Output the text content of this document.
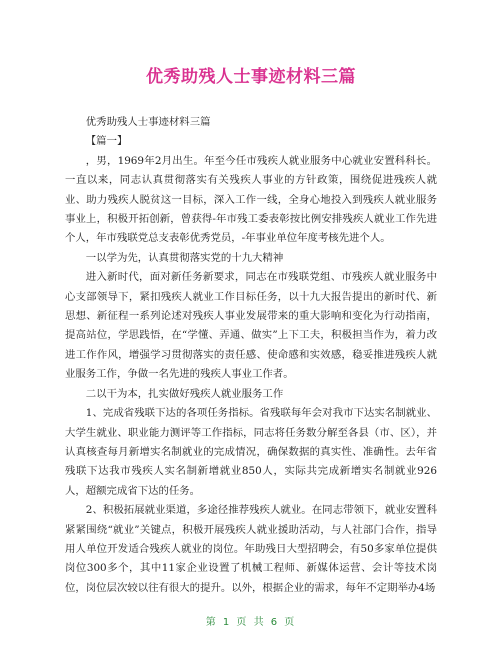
优秀助残人士事迹材料三篇

优秀助残人士事迹材料三篇

【篇一】

，男，1969年2月出生。年至今任市残疾人就业服务中心就业安置科科长。一直以来，同志认真贯彻落实有关残疾人事业的方针政策，围绕促进残疾人就业、助力残疾人脱贫这一目标，深入工作一线，全身心地投入到残疾人就业服务事业上，积极开拓创新，曾获得-年市残工委表彰按比例安排残疾人就业工作先进个人，年市残联党总支表彰优秀党员，-年事业单位年度考核先进个人。

一以学为先，认真贯彻落实党的十九大精神

进入新时代，面对新任务新要求，同志在市残联党组、市残疾人就业服务中心支部领导下，紧扣残疾人就业工作目标任务，以十九大报告提出的新时代、新思想、新征程一系列论述对残疾人事业发展带来的重大影响和变化为行动指南，提高站位，学思践悟，在“学懂、弄通、做实”上下工夫，积极担当作为，着力改进工作作风，增强学习贯彻落实的责任感、使命感和实效感，稳妥推进残疾人就业服务工作，争做一名先进的残疾人事业工作者。

二以干为本，扎实做好残疾人就业服务工作

1、完成省残联下达的各项任务指标。省残联每年会对我市下达实名制就业、大学生就业、职业能力测评等工作指标，同志将任务数分解至各县（市、区），并认真核查每月新增实名制就业的完成情况，确保数据的真实性、准确性。去年省残联下达我市残疾人实名制新增就业850人，实际共完成新增实名制就业926人，超额完成省下达的任务。

2、积极拓展就业渠道，多途径推荐残疾人就业。在同志带领下，就业安置科紧紧围绕“就业”关键点，积极开展残疾人就业援助活动，与人社部门合作，指导用人单位开发适合残疾人就业的岗位。年助残日大型招聘会，有50多家单位提供岗位300多个，其中11家企业设置了机械工程师、新媒体运营、会计等技术岗位，岗位层次较以往有很大的提升。以外，根据企业的需求，每年不定期举办4场

第 1 页 共 6 页
